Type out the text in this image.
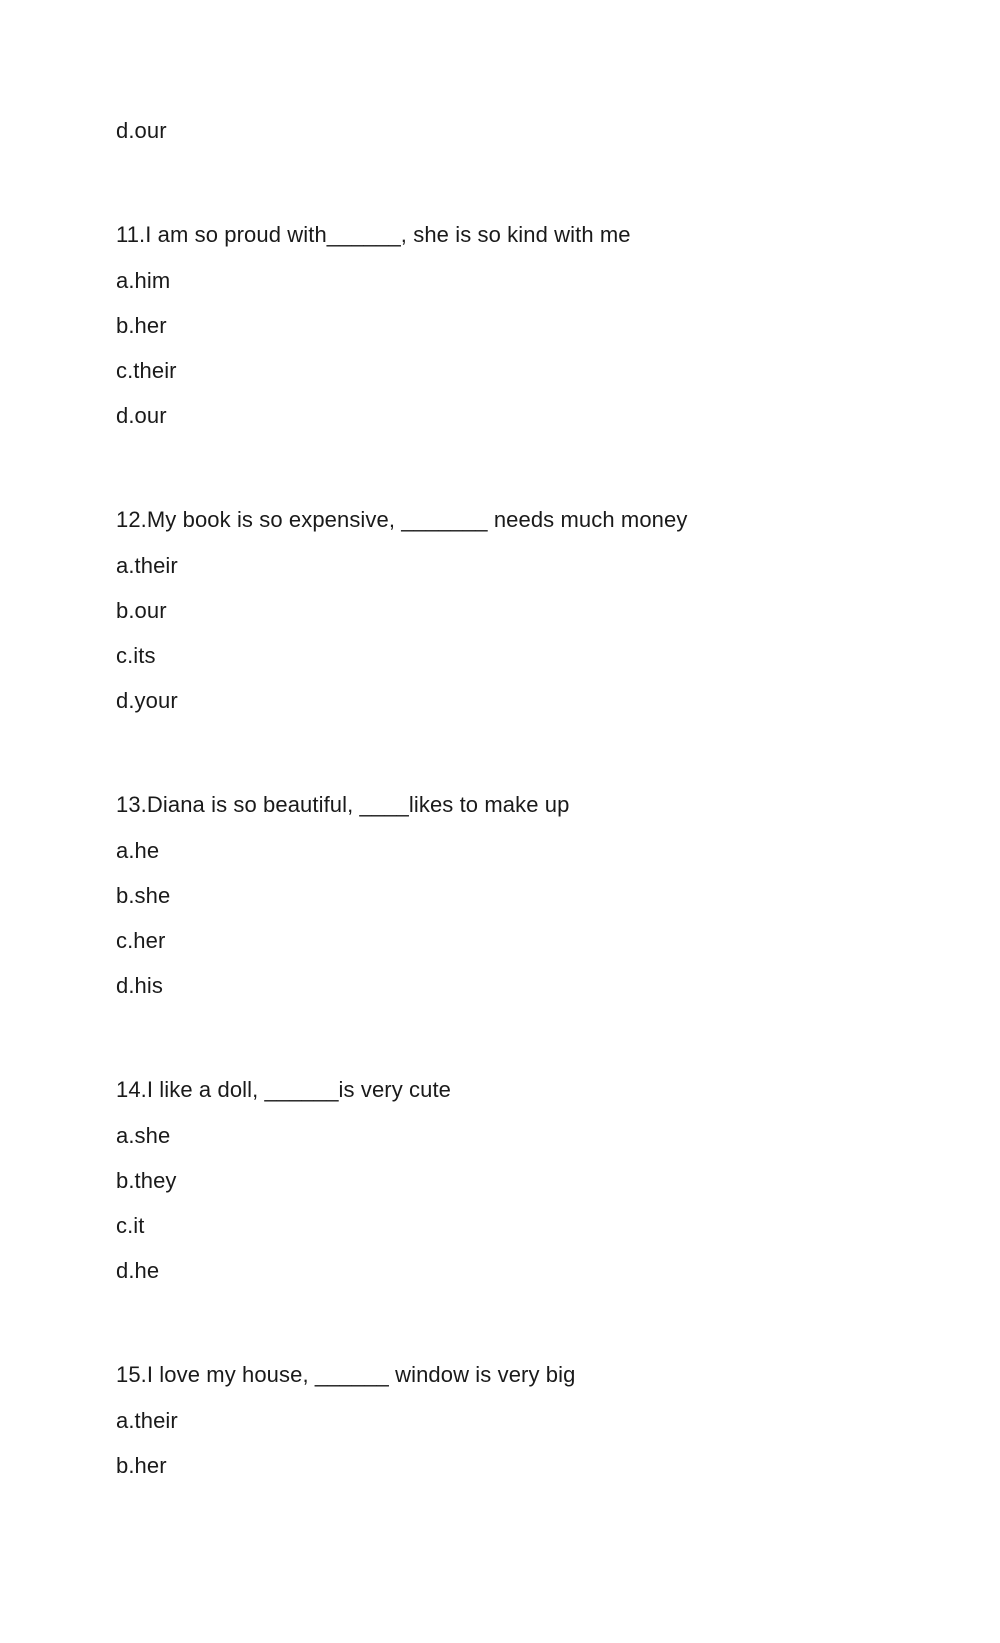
d.our
11.I am so proud with______, she is so kind with me
a.him
b.her
c.their
d.our
12.My book is so expensive, _______ needs much money
a.their
b.our
c.its
d.your
13.Diana is so beautiful, ____likes to make up
a.he
b.she
c.her
d.his
14.I like a doll, ______is very cute
a.she
b.they
c.it
d.he
15.I love my house, ______ window is very big
a.their
b.her
